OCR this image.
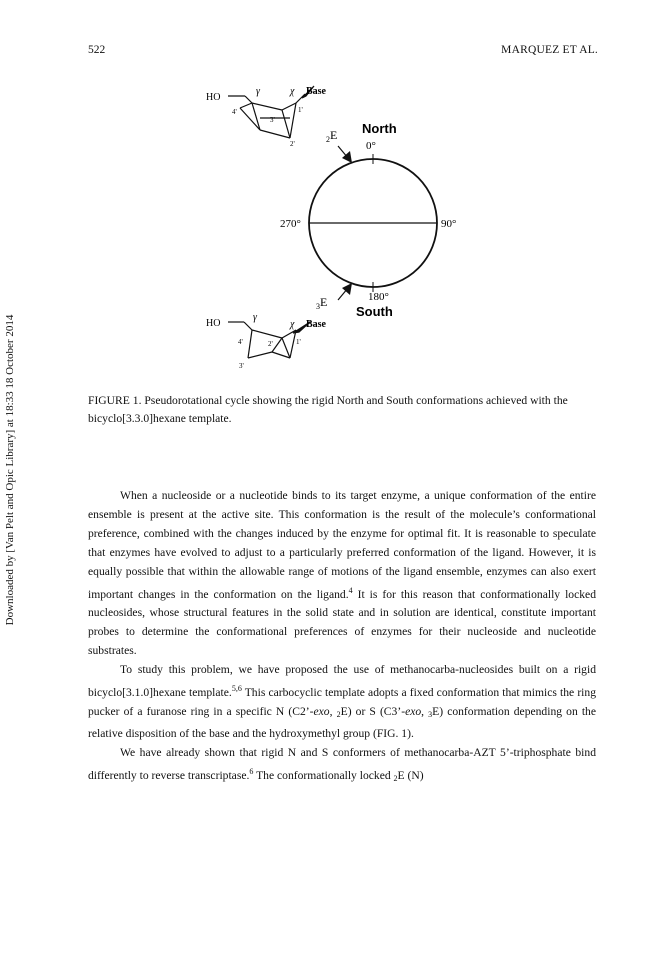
522	MARQUEZ ET AL.
Downloaded by [Van Pelt and Opic Library] at 18:33 18 October 2014
0°
90°
270°
180°
North
South
$_2$E
$_3$E
HO
γ	χ Base
4'
3'
2'
1'
HO
γ
χ Base
4'
3'
2'	1'
FIGURE 1. Pseudorotational cycle showing the rigid North and South conformations achieved with the bicyclo[3.3.0]hexane template.

When a nucleoside or a nucleotide binds to its target enzyme, a unique conformation of the entire ensemble is present at the active site. This conformation is the result of the molecule’s conformational preference, combined with the changes induced by the enzyme for optimal fit. It is reasonable to speculate that enzymes have evolved to adjust to a particularly preferred conformation of the ligand. However, it is equally possible that within the allowable range of motions of the ligand ensemble, enzymes can also exert important changes in the conformation on the ligand.$^4$ It is for this reason that conformationally locked nucleosides, whose structural features in the solid state and in solution are identical, constitute important probes to determine the conformational preferences of enzymes for their nucleoside and nucleotide substrates.

To study this problem, we have proposed the use of methanocarba-nucleosides built on a rigid bicyclo[3.1.0]hexane template.$^{5,6}$ This carbocyclic template adopts a fixed conformation that mimics the ring pucker of a furanose ring in a specific N (C2’-exo, $_2$E) or S (C3’-exo, $_3$E) conformation depending on the relative disposition of the base and the hydroxymethyl group (FIG. 1).

We have already shown that rigid N and S conformers of methanocarba-AZT 5’-triphosphate bind differently to reverse transcriptase.$^6$ The conformationally locked $_2$E (N)
